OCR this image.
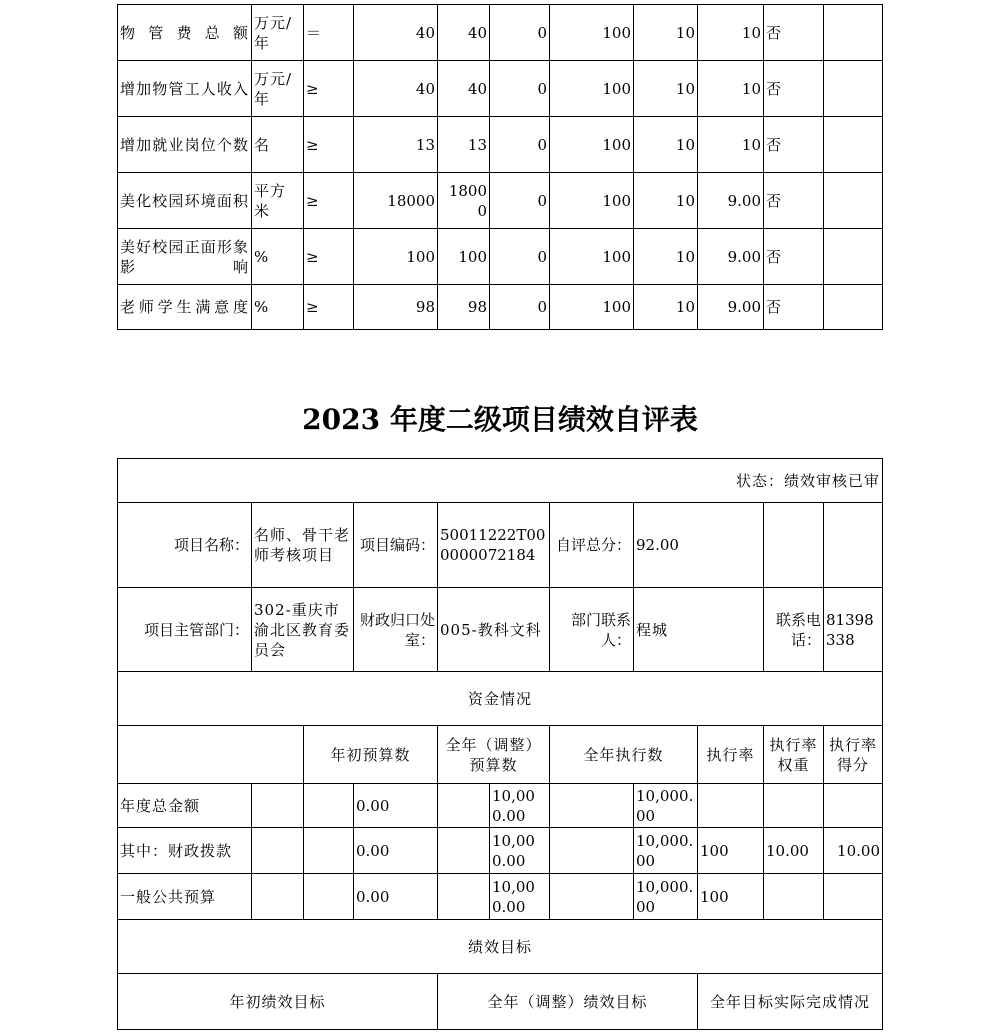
物管费总额	万元/年	＝	40	40	0	100	10	10	否	
增加物管工人收入	万元/年	≥	40	40	0	100	10	10	否	
增加就业岗位个数	名	≥	13	13	0	100	10	10	否	
美化校园环境面积	平方米	≥	18000	18000	0	100	10	9.00	否	
美好校园正面形象影响	%	≥	100	100	0	100	10	9.00	否	
老师学生满意度	%	≥	98	98	0	100	10	9.00	否	
2023 年度二级项目绩效自评表
状态：绩效审核已审										
项目名称：	名师、骨干老师考核项目		项目编码：	50011222T000000072184		自评总分：	92.00			
项目主管部门：	302-重庆市渝北区教育委员会		财政归口处室：	005-教科文科		部门联系人：	程城		联系电话：	81398338
资金情况										
		年初预算数		全年（调整）预算数		全年执行数		执行率	执行率权重	执行率得分
年度总金额			0.00		10,000.00		10,000.00			
其中：财政拨款			0.00		10,000.00		10,000.00	100	10.00	10.00
一般公共预算			0.00		10,000.00		10,000.00	100		
绩效目标										
年初绩效目标				全年（调整）绩效目标				全年目标实际完成情况		
